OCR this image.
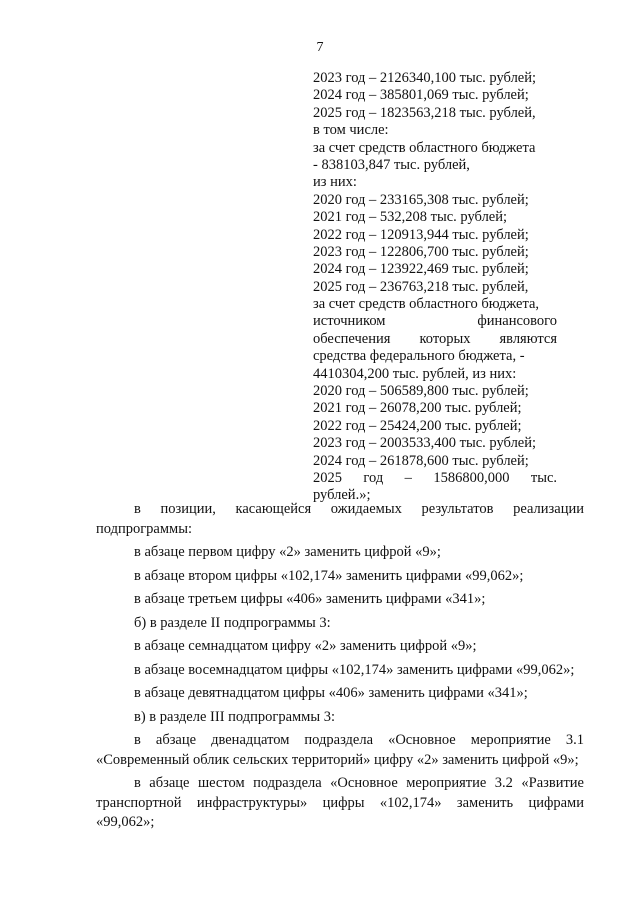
7
2023 год – 2126340,100 тыс. рублей;
2024 год – 385801,069 тыс. рублей;
2025 год – 1823563,218 тыс. рублей,
в том числе:
за счет средств областного бюджета
- 838103,847 тыс. рублей,
из них:
2020 год – 233165,308 тыс. рублей;
2021 год – 532,208 тыс. рублей;
2022 год – 120913,944 тыс. рублей;
2023 год – 122806,700 тыс. рублей;
2024 год – 123922,469 тыс. рублей;
2025 год – 236763,218 тыс. рублей,
за счет средств областного бюджета,
источником	финансового
обеспечения которых являются
средства федерального бюджета, -
4410304,200 тыс. рублей, из них:
2020 год – 506589,800 тыс. рублей;
2021 год – 26078,200 тыс. рублей;
2022 год – 25424,200 тыс. рублей;
2023 год – 2003533,400 тыс. рублей;
2024 год – 261878,600 тыс. рублей;
2025 год – 1586800,000 тыс.
рублей.»;

в позиции, касающейся ожидаемых результатов реализации подпрограммы:

в абзаце первом цифру «2» заменить цифрой «9»;

в абзаце втором цифры «102,174» заменить цифрами «99,062»;

в абзаце третьем цифры «406» заменить цифрами «341»;

б) в разделе II подпрограммы 3:

в абзаце семнадцатом цифру «2» заменить цифрой «9»;

в абзаце восемнадцатом цифры «102,174» заменить цифрами «99,062»;

в абзаце девятнадцатом цифры «406» заменить цифрами «341»;

в) в разделе III подпрограммы 3:

в абзаце двенадцатом подраздела «Основное мероприятие 3.1 «Современный облик сельских территорий» цифру «2» заменить цифрой «9»;

в абзаце шестом подраздела «Основное мероприятие 3.2 «Развитие транспортной инфраструктуры» цифры «102,174» заменить цифрами «99,062»;
